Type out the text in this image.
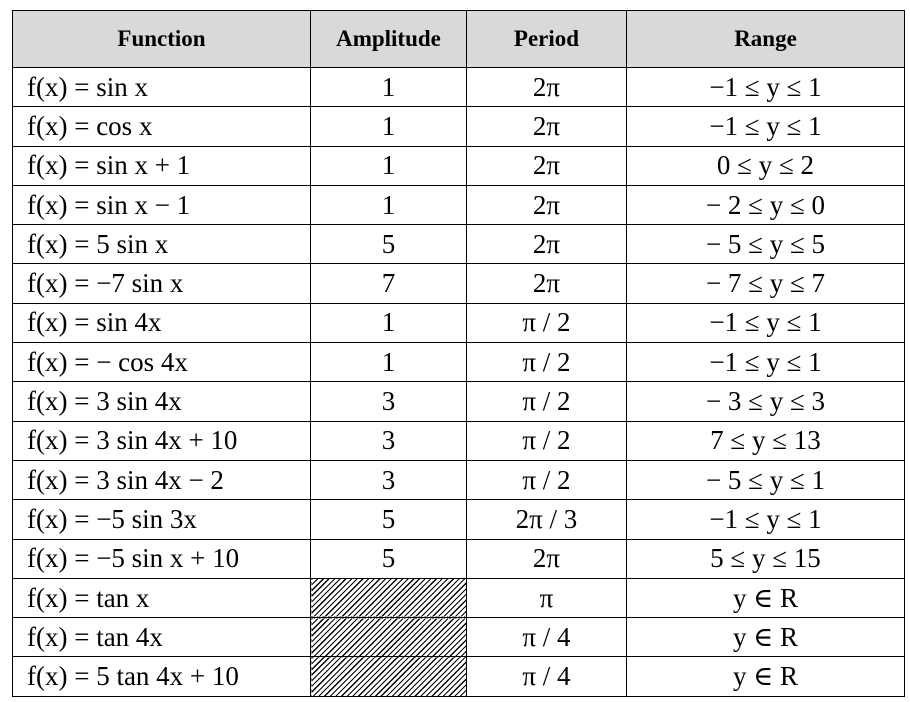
Function	Amplitude	Period	Range
f(x) = sin x	1	2π	−1 ≤ y ≤ 1
f(x) = cos x	1	2π	−1 ≤ y ≤ 1
f(x) = sin x + 1	1	2π	0 ≤ y ≤ 2
f(x) = sin x − 1	1	2π	− 2 ≤ y ≤ 0
f(x) = 5 sin x	5	2π	− 5 ≤ y ≤ 5
f(x) = −7 sin x	7	2π	− 7 ≤ y ≤ 7
f(x) = sin 4x	1	π / 2	−1 ≤ y ≤ 1
f(x) = − cos 4x	1	π / 2	−1 ≤ y ≤ 1
f(x) = 3 sin 4x	3	π / 2	− 3 ≤ y ≤ 3
f(x) = 3 sin 4x + 10	3	π / 2	7 ≤ y ≤ 13
f(x) = 3 sin 4x − 2	3	π / 2	− 5 ≤ y ≤ 1
f(x) = −5 sin 3x	5	2π / 3	−1 ≤ y ≤ 1
f(x) = −5 sin x + 10	5	2π	5 ≤ y ≤ 15
f(x) = tan x		π	y ∈ R
f(x) = tan 4x		π / 4	y ∈ R
f(x) = 5 tan 4x + 10		π / 4	y ∈ R
